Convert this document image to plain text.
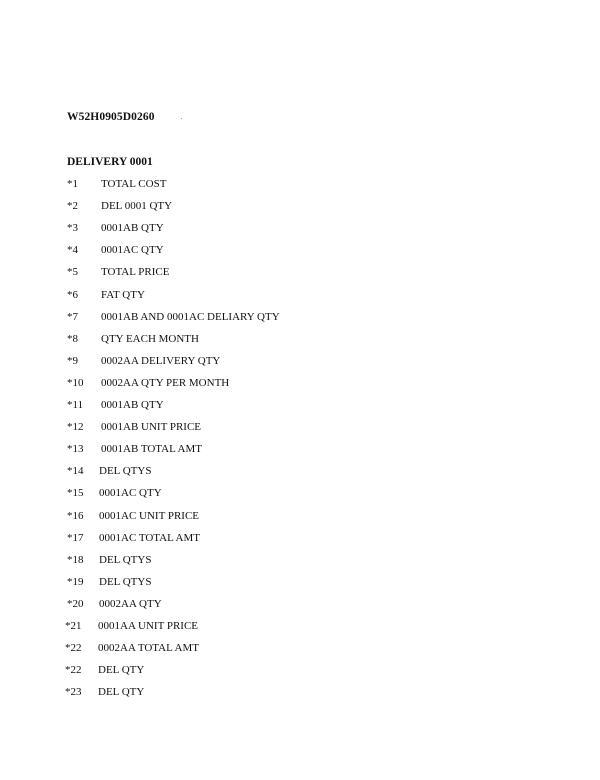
W52H0905D0260
DELIVERY 0001
*1 TOTAL COST
*2 DEL 0001 QTY
*3 0001AB QTY
*4 0001AC QTY
*5 TOTAL PRICE
*6 FAT QTY
*7 0001AB AND 0001AC DELIARY QTY
*8 QTY EACH MONTH
*9 0002AA DELIVERY QTY
*10 0002AA QTY PER MONTH
*11 0001AB QTY
*12 0001AB UNIT PRICE
*13 0001AB TOTAL AMT
*14 DEL QTYS
*15 0001AC QTY
*16 0001AC UNIT PRICE
*17 0001AC TOTAL AMT
*18 DEL QTYS
*19 DEL QTYS
*20 0002AA QTY
*21 0001AA UNIT PRICE
*22 0002AA TOTAL AMT
*22 DEL QTY
*23 DEL QTY
